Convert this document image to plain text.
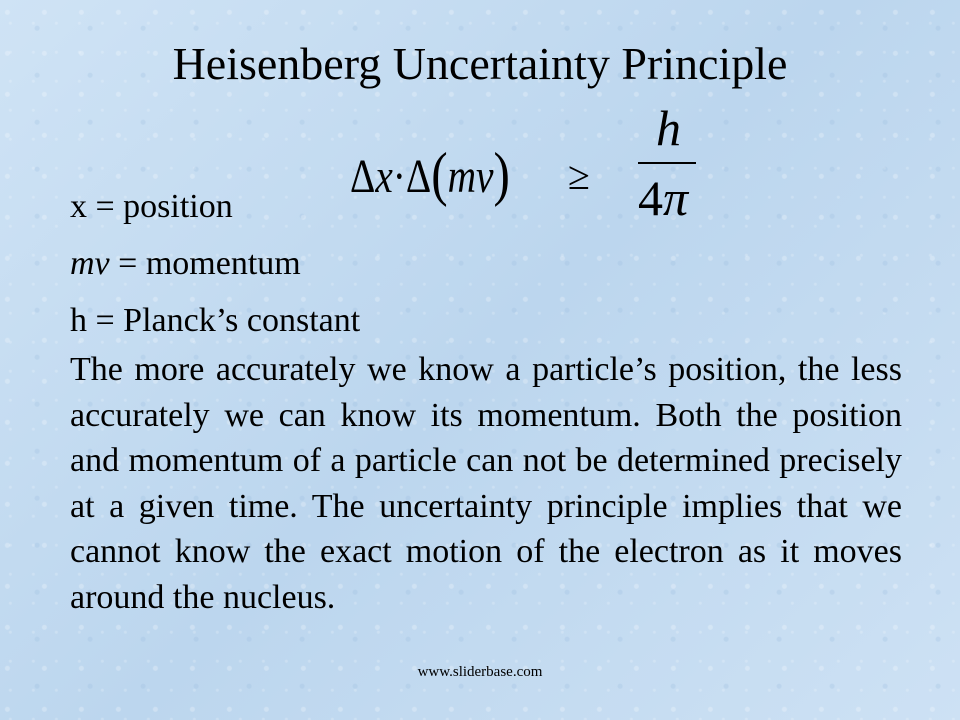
Heisenberg Uncertainty Principle
Δx·Δ(mv) ≥
h
4π
x = position
mv = momentum
h = Planck’s constant

The more accurately we know a particle’s position, the less accurately we can know its momentum. Both the position and momentum of a particle can not be determined precisely at a given time. The uncertainty principle implies that we cannot know the exact motion of the electron as it moves around the nucleus.

www.sliderbase.com
